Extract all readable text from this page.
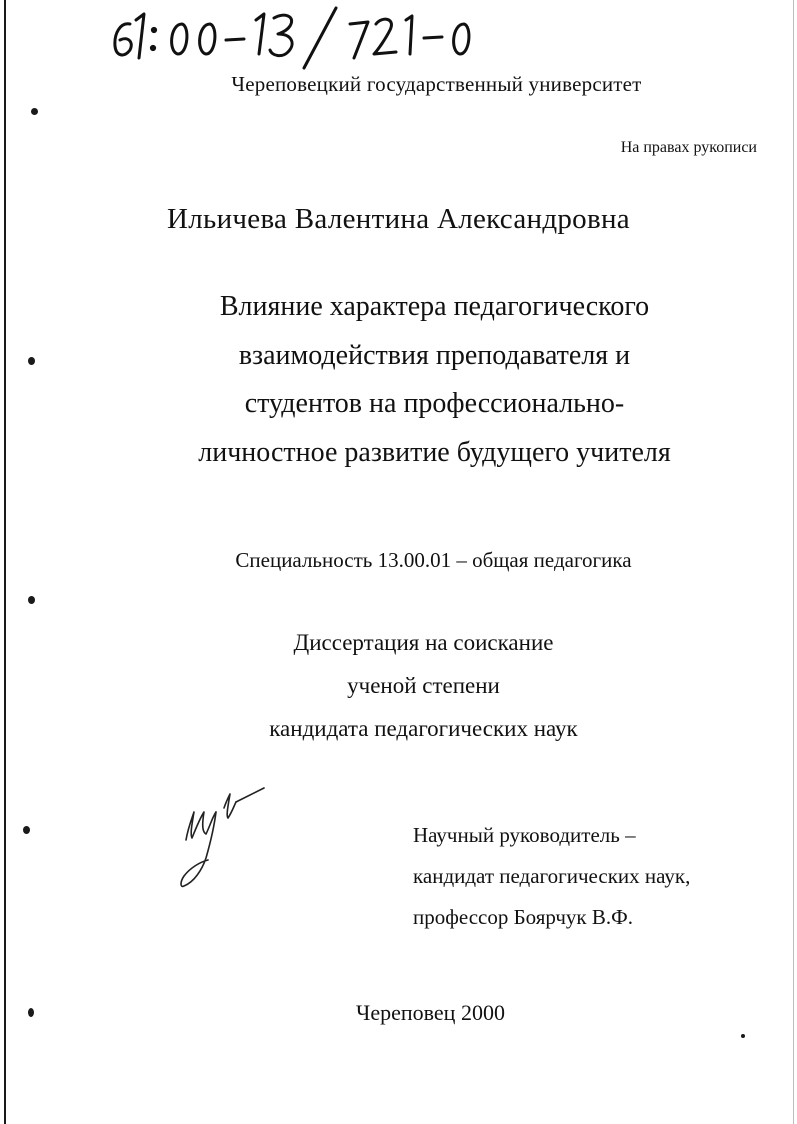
Череповецкий государственный университет
На правах рукописи
Ильичева Валентина Александровна
Влияние характера педагогического
взаимодействия преподавателя и
студентов на профессионально-
личностное развитие будущего учителя
Специальность 13.00.01 – общая педагогика
Диссертация на соискание
ученой степени
кандидата педагогических наук
Научный руководитель –
кандидат педагогических наук,
профессор Боярчук В.Ф.
Череповец 2000
